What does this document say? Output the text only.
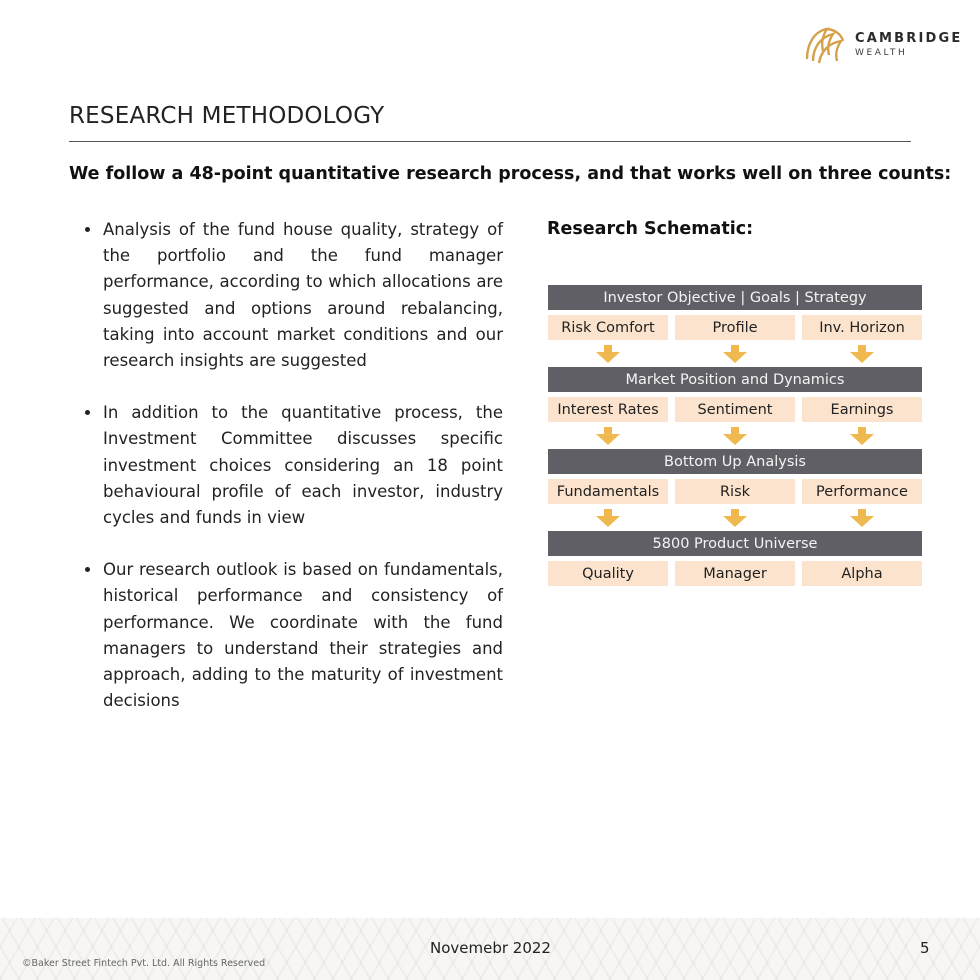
CAMBRIDGE
WEALTH
RESEARCH METHODOLOGY
We follow a 48-point quantitative research process, and that works well on three counts:
Analysis of the fund house quality, strategy of the portfolio and the fund manager performance, according to which allocations are suggested and options around rebalancing, taking into account market conditions and our research insights are suggested
In addition to the quantitative process, the Investment Committee discusses specific investment choices considering an 18 point behavioural profile of each investor, industry cycles and funds in view
Our research outlook is based on fundamentals, historical performance and consistency of performance. We coordinate with the fund managers to understand their strategies and approach, adding to the maturity of investment decisions
Research Schematic:
Investor Objective | Goals | Strategy
Risk Comfort	Profile	Inv. Horizon
Market Position and Dynamics
Interest Rates	Sentiment	Earnings
Bottom Up Analysis
Fundamentals	Risk	Performance
5800 Product Universe
Quality	Manager	Alpha
Novemebr 2022	5
©Baker Street Fintech Pvt. Ltd. All Rights Reserved
